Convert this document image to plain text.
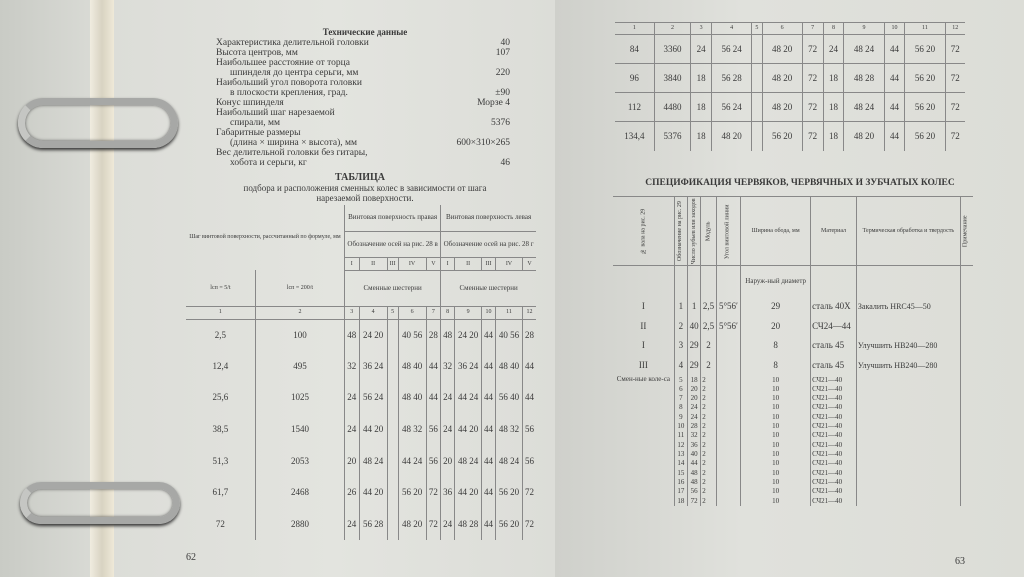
Технические данные
Характеристика делительной головки	40
Высота центров, мм	107
Наибольшее расстояние от торца
шпинделя до центра серьги, мм	220
Наибольший угол поворота головки
в плоскости крепления, град.	±90
Конус шпинделя	Морзе 4
Наибольший шаг нарезаемой
спирали, мм	5376
Габаритные размеры
(длина × ширина × высота), мм	600×310×265
Вес делительной головки без гитары,
хобота и серьги, кг	46
ТАБЛИЦА
подбора и расположения сменных колес в зависимости от шага
нарезаемой поверхности.
Шаг винтовой поверхности, рассчитанный по формуле, мм		Винтовая поверхность правая					Винтовая поверхность левая				
		Обозначение осей на рис. 28 в					Обозначение осей на рис. 28 г				
		I	II	III	IV	V	I	II	III	IV	V
lсп = 5/t	lсп = 200/t	Сменные шестерни					Сменные шестерни				
1	2	3	4	5	6	7	8	9	10	11	12
2,5	100	48	24 20		40 56	28	48	24 20	44	40 56	28
12,4	495	32	36 24		48 40	44	32	36 24	44	48 40	44
25,6	1025	24	56 24		48 40	44	24	44 24	44	56 40	44
38,5	1540	24	44 20		48 32	56	24	44 20	44	48 32	56
51,3	2053	20	48 24		44 24	56	20	48 24	44	48 24	56
61,7	2468	26	44 20		56 20	72	36	44 20	44	56 20	72
72	2880	24	56 28		48 20	72	24	48 28	44	56 20	72
62
1	2	3	4	5	6	7	8	9	10	11	12
84	3360	24	56 24		48 20	72	24	48 24	44	56 20	72
96	3840	18	56 28		48 20	72	18	48 28	44	56 20	72
112	4480	18	56 24		48 20	72	18	48 24	44	56 20	72
134,4	5376	18	48 20		56 20	72	18	48 20	44	56 20	72
СПЕЦИФИКАЦИЯ ЧЕРВЯКОВ, ЧЕРВЯЧНЫХ И ЗУБЧАТЫХ КОЛЕС
№ вала на рис. 29	Обозначение на рис. 29	Число зубьев или заходов	Модуль	Угол винтовой линии	Ширина обода, мм	Материал	Термическая обработка и твердость	Примечание
					Наруж-ный диаметр			
I	1	1	2,5	5°56′	29	сталь 40Х	Закалить HRC45—50	
II	2	40	2,5	5°56′	20	СЧ24—44		
I	3	29	2		8	сталь 45	Улучшить HB240—280	
III	4	29	2		8	сталь 45	Улучшить HB240—280	
Смен-ные коле-са	5	18	2		10	СЧ21—40		
	6	20	2		10	СЧ21—40		
	7	20	2		10	СЧ21—40		
	8	24	2		10	СЧ21—40		
	9	24	2		10	СЧ21—40		
	10	28	2		10	СЧ21—40		
	11	32	2		10	СЧ21—40		
	12	36	2		10	СЧ21—40		
	13	40	2		10	СЧ21—40		
	14	44	2		10	СЧ21—40		
	15	48	2		10	СЧ21—40		
	16	48	2		10	СЧ21—40		
	17	56	2		10	СЧ21—40		
	18	72	2		10	СЧ21—40		
63
